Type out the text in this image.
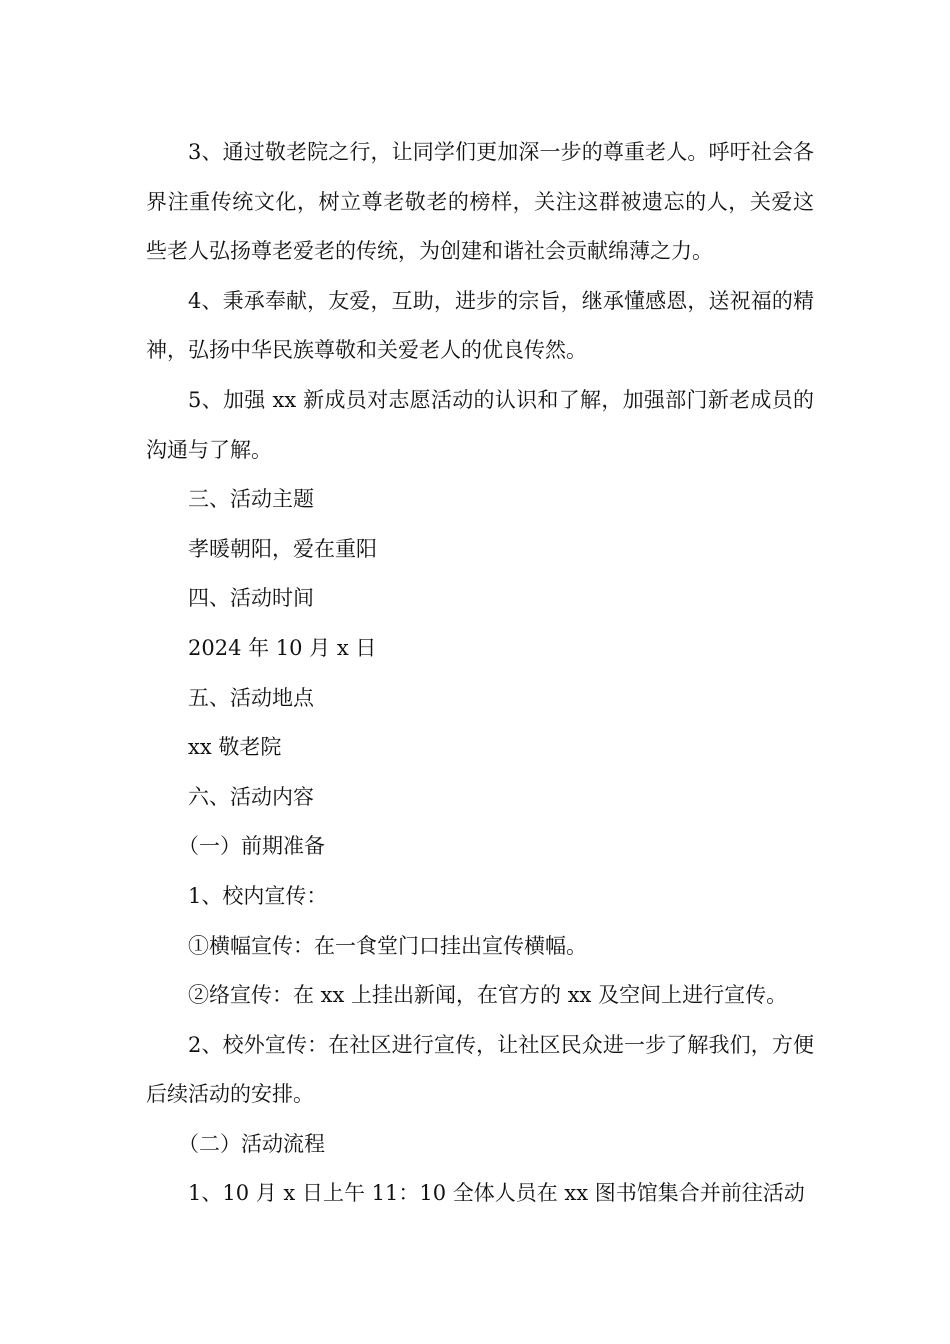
3、通过敬老院之行，让同学们更加深一步的尊重老人。呼吁社会各界注重传统文化，树立尊老敬老的榜样，关注这群被遗忘的人，关爱这些老人弘扬尊老爱老的传统，为创建和谐社会贡献绵薄之力。

4、秉承奉献，友爱，互助，进步的宗旨，继承懂感恩，送祝福的精神，弘扬中华民族尊敬和关爱老人的优良传然。

5、加强 xx 新成员对志愿活动的认识和了解，加强部门新老成员的沟通与了解。

三、活动主题

孝暖朝阳，爱在重阳

四、活动时间

2024 年 10 月 x 日

五、活动地点

xx 敬老院

六、活动内容

（一）前期准备

1、校内宣传：

①横幅宣传：在一食堂门口挂出宣传横幅。

②络宣传：在 xx 上挂出新闻，在官方的 xx 及空间上进行宣传。

2、校外宣传：在社区进行宣传，让社区民众进一步了解我们，方便后续活动的安排。

（二）活动流程

1、10 月 x 日上午 11：10 全体人员在 xx 图书馆集合并前往活动
